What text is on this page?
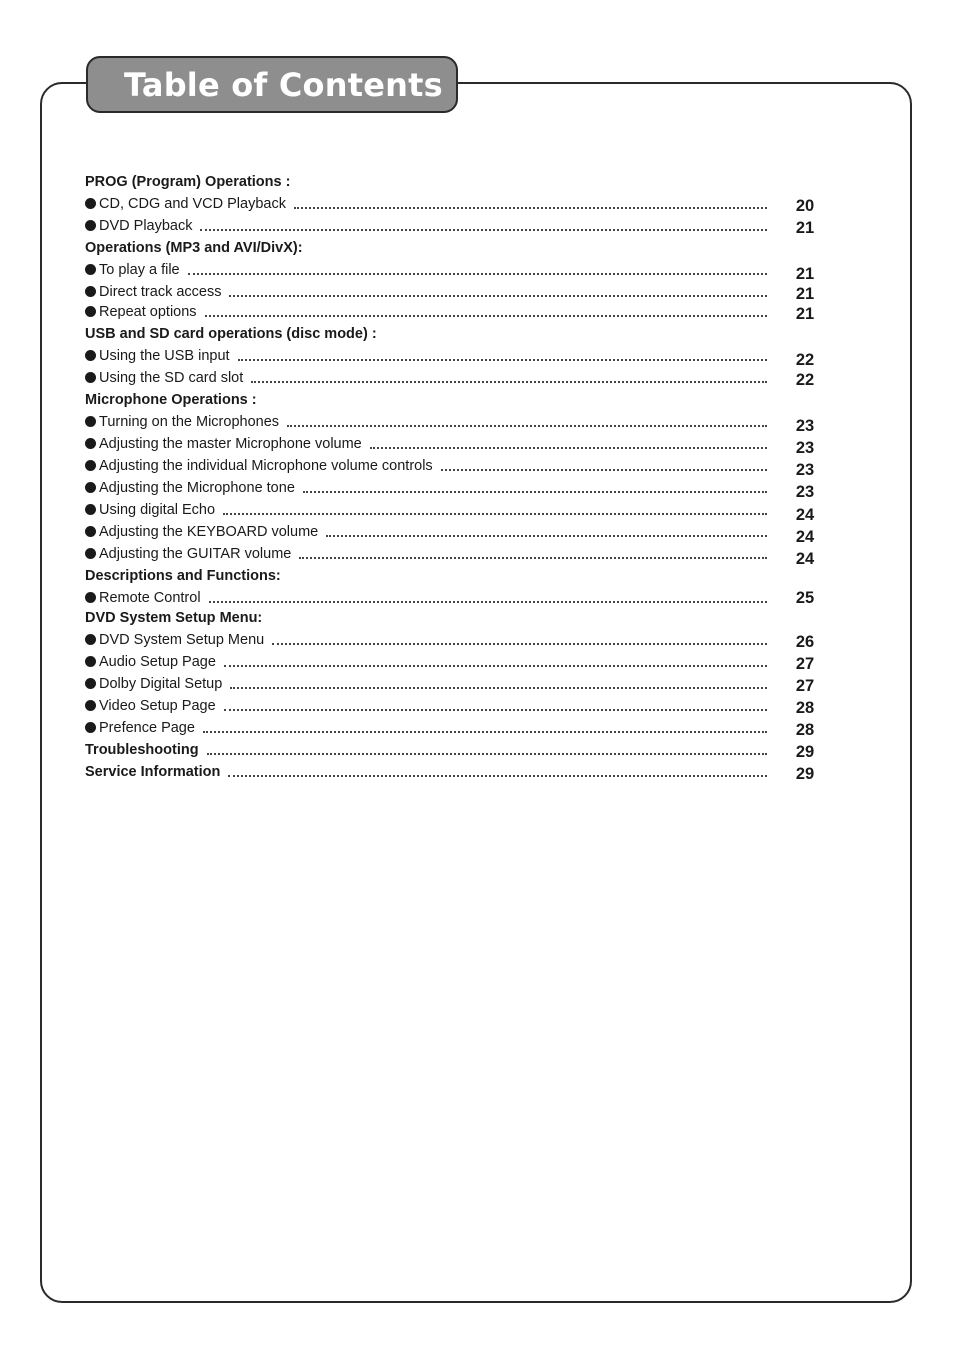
Table of Contents
PROG (Program) Operations :
CD, CDG and VCD Playback	20
DVD Playback	21
Operations (MP3 and AVI/DivX):
To play a file	21
Direct track access	21
Repeat options	21
USB and SD card operations (disc mode) :
Using the USB input	22
Using the SD card slot	22
Microphone Operations :
Turning on the Microphones	23
Adjusting the master Microphone volume	23
Adjusting the individual Microphone volume controls	23
Adjusting the Microphone tone	23
Using digital Echo	24
Adjusting the KEYBOARD volume	24
Adjusting the GUITAR volume	24
Descriptions and Functions:
Remote Control	25
DVD System Setup Menu:
DVD System Setup Menu	26
Audio Setup Page	27
Dolby Digital Setup	27
Video Setup Page	28
Prefence Page	28
Troubleshooting	29
Service Information	29
